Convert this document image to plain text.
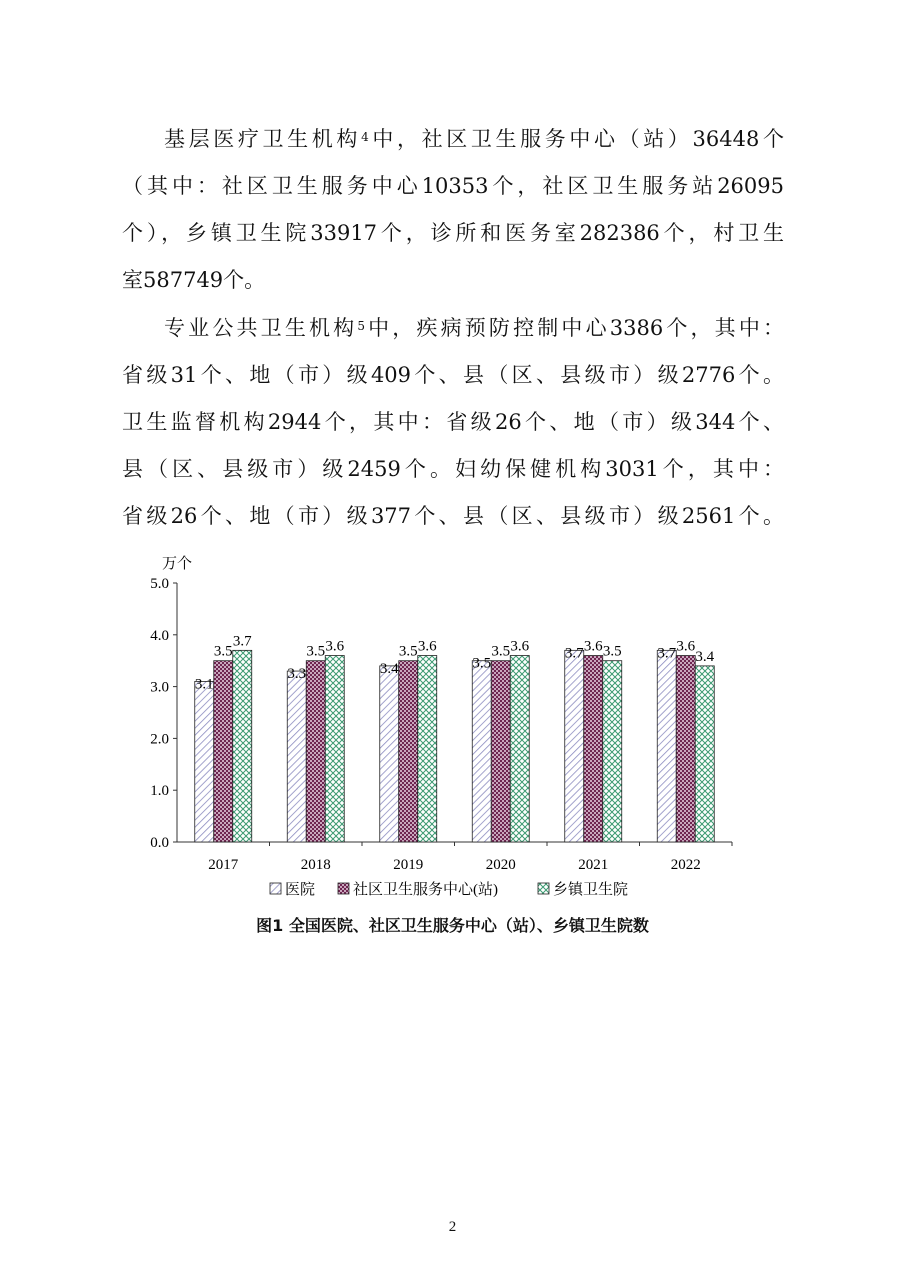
基层医疗卫生机构$^4$中，社区卫生服务中心（站）36448个
（其中：社区卫生服务中心10353个，社区卫生服务站26095
个），乡镇卫生院33917个，诊所和医务室282386个，村卫生
室587749个。
专业公共卫生机构$^5$中，疾病预防控制中心3386个，其中：
省级31个、地（市）级409个、县（区、县级市）级2776个。
卫生监督机构2944个，其中：省级26个、地（市）级344个、
县（区、县级市）级2459个。妇幼保健机构3031个，其中：
省级26个、地（市）级377个、县（区、县级市）级2561个。
万个
0.0
1.0
2.0
3.0
4.0
5.0
3.1
3.5
3.7
3.3
3.5 3.6
3.4
3.5 3.6
3.5
3.5 3.6 3.7 3.6 3.5 3.7 3.6
3.4
2017	2018	2019	2020	2021	2022
医院	社区卫生服务中心(站)	乡镇卫生院
图1 全国医院、社区卫生服务中心（站）、乡镇卫生院数
2
